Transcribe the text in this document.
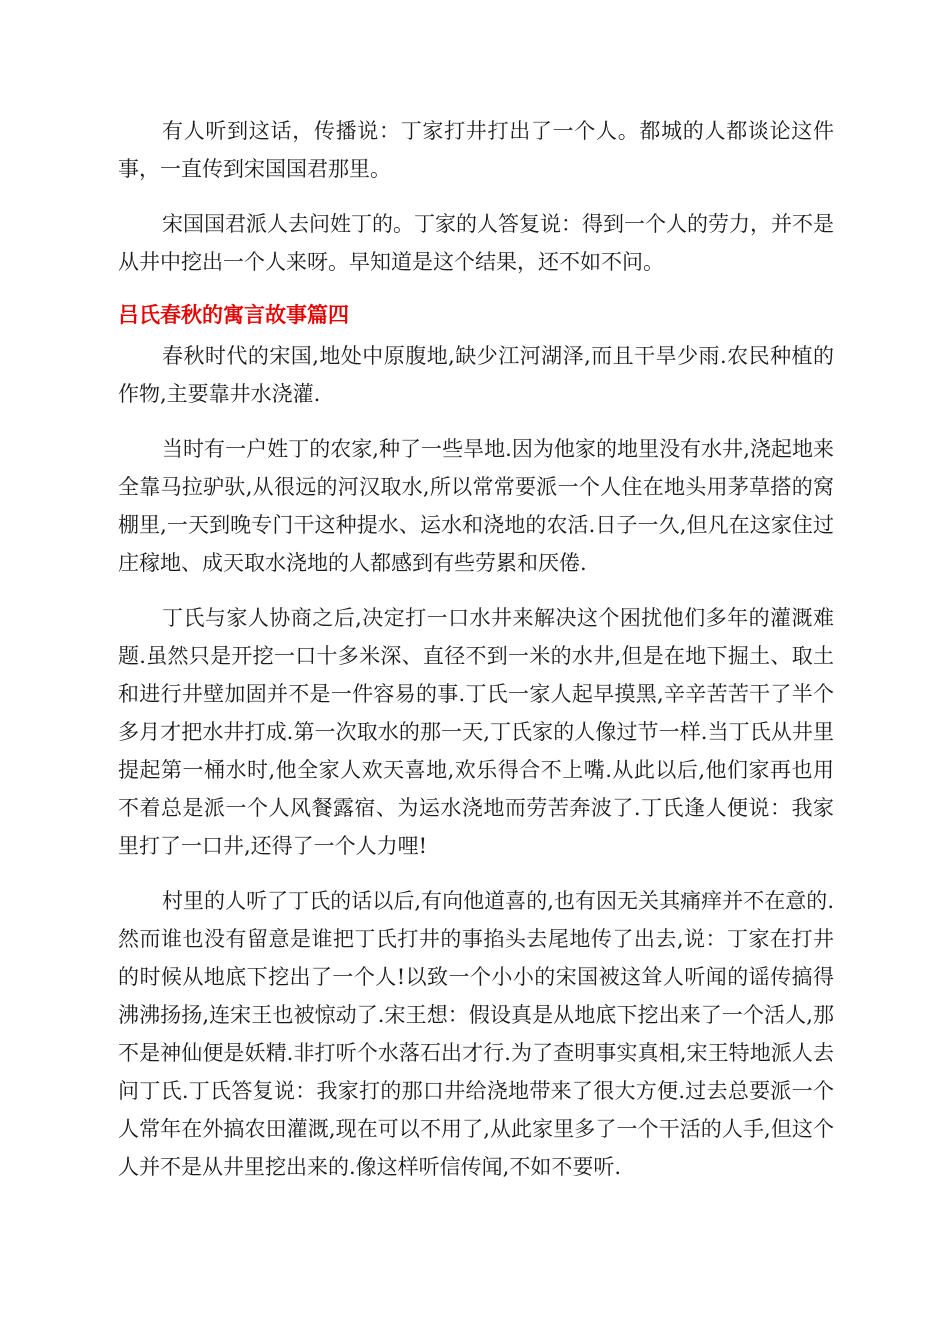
有人听到这话，传播说：丁家打井打出了一个人。都城的人都谈论这件事，一直传到宋国国君那里。

宋国国君派人去问姓丁的。丁家的人答复说：得到一个人的劳力，并不是从井中挖出一个人来呀。早知道是这个结果，还不如不问。

吕氏春秋的寓言故事篇四

春秋时代的宋国,地处中原腹地,缺少江河湖泽,而且干旱少雨.农民种植的作物,主要靠井水浇灌.

当时有一户姓丁的农家,种了一些旱地.因为他家的地里没有水井,浇起地来全靠马拉驴驮,从很远的河汉取水,所以常常要派一个人住在地头用茅草搭的窝棚里,一天到晚专门干这种提水、运水和浇地的农活.日子一久,但凡在这家住过庄稼地、成天取水浇地的人都感到有些劳累和厌倦.

丁氏与家人协商之后,决定打一口水井来解决这个困扰他们多年的灌溉难题.虽然只是开挖一口十多米深、直径不到一米的水井,但是在地下掘土、取土和进行井壁加固并不是一件容易的事.丁氏一家人起早摸黑,辛辛苦苦干了半个多月才把水井打成.第一次取水的那一天,丁氏家的人像过节一样.当丁氏从井里提起第一桶水时,他全家人欢天喜地,欢乐得合不上嘴.从此以后,他们家再也用不着总是派一个人风餐露宿、为运水浇地而劳苦奔波了.丁氏逢人便说：我家里打了一口井,还得了一个人力哩!

村里的人听了丁氏的话以后,有向他道喜的,也有因无关其痛痒并不在意的.然而谁也没有留意是谁把丁氏打井的事掐头去尾地传了出去,说：丁家在打井的时候从地底下挖出了一个人!以致一个小小的宋国被这耸人听闻的谣传搞得沸沸扬扬,连宋王也被惊动了.宋王想：假设真是从地底下挖出来了一个活人,那不是神仙便是妖精.非打听个水落石出才行.为了查明事实真相,宋王特地派人去问丁氏.丁氏答复说：我家打的那口井给浇地带来了很大方便.过去总要派一个人常年在外搞农田灌溉,现在可以不用了,从此家里多了一个干活的人手,但这个人并不是从井里挖出来的.像这样听信传闻,不如不要听.
